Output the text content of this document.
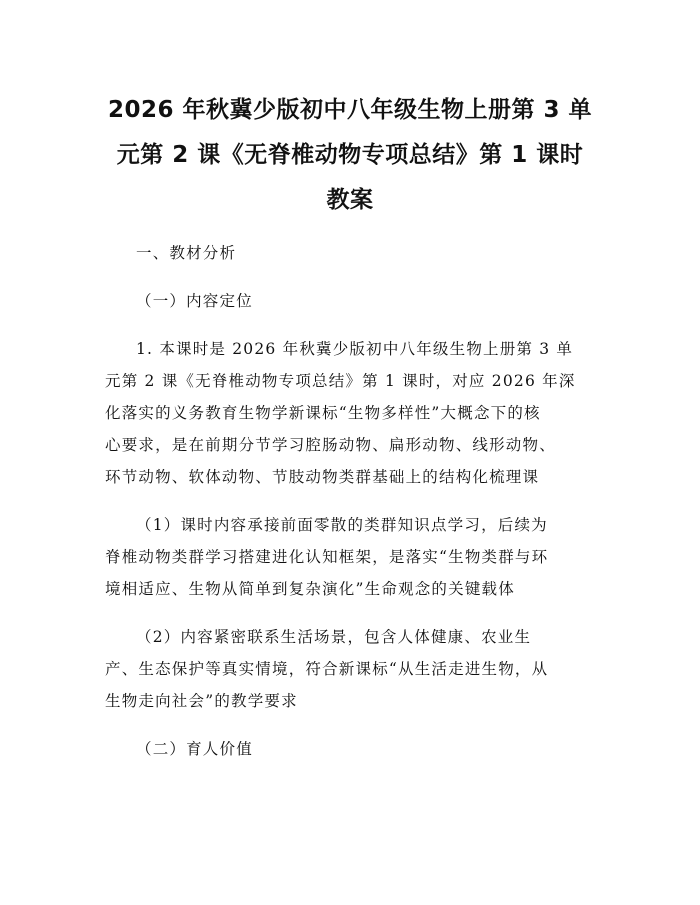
2026 年秋冀少版初中八年级生物上册第 3 单
元第 2 课《无脊椎动物专项总结》第 1 课时
教案

一、教材分析

（一）内容定位

1. 本课时是 2026 年秋冀少版初中八年级生物上册第 3 单
元第 2 课《无脊椎动物专项总结》第 1 课时，对应 2026 年深
化落实的义务教育生物学新课标“生物多样性”大概念下的核
心要求，是在前期分节学习腔肠动物、扁形动物、线形动物、
环节动物、软体动物、节肢动物类群基础上的结构化梳理课

（1）课时内容承接前面零散的类群知识点学习，后续为
脊椎动物类群学习搭建进化认知框架，是落实“生物类群与环
境相适应、生物从简单到复杂演化”生命观念的关键载体

（2）内容紧密联系生活场景，包含人体健康、农业生
产、生态保护等真实情境，符合新课标“从生活走进生物，从
生物走向社会”的教学要求

（二）育人价值
